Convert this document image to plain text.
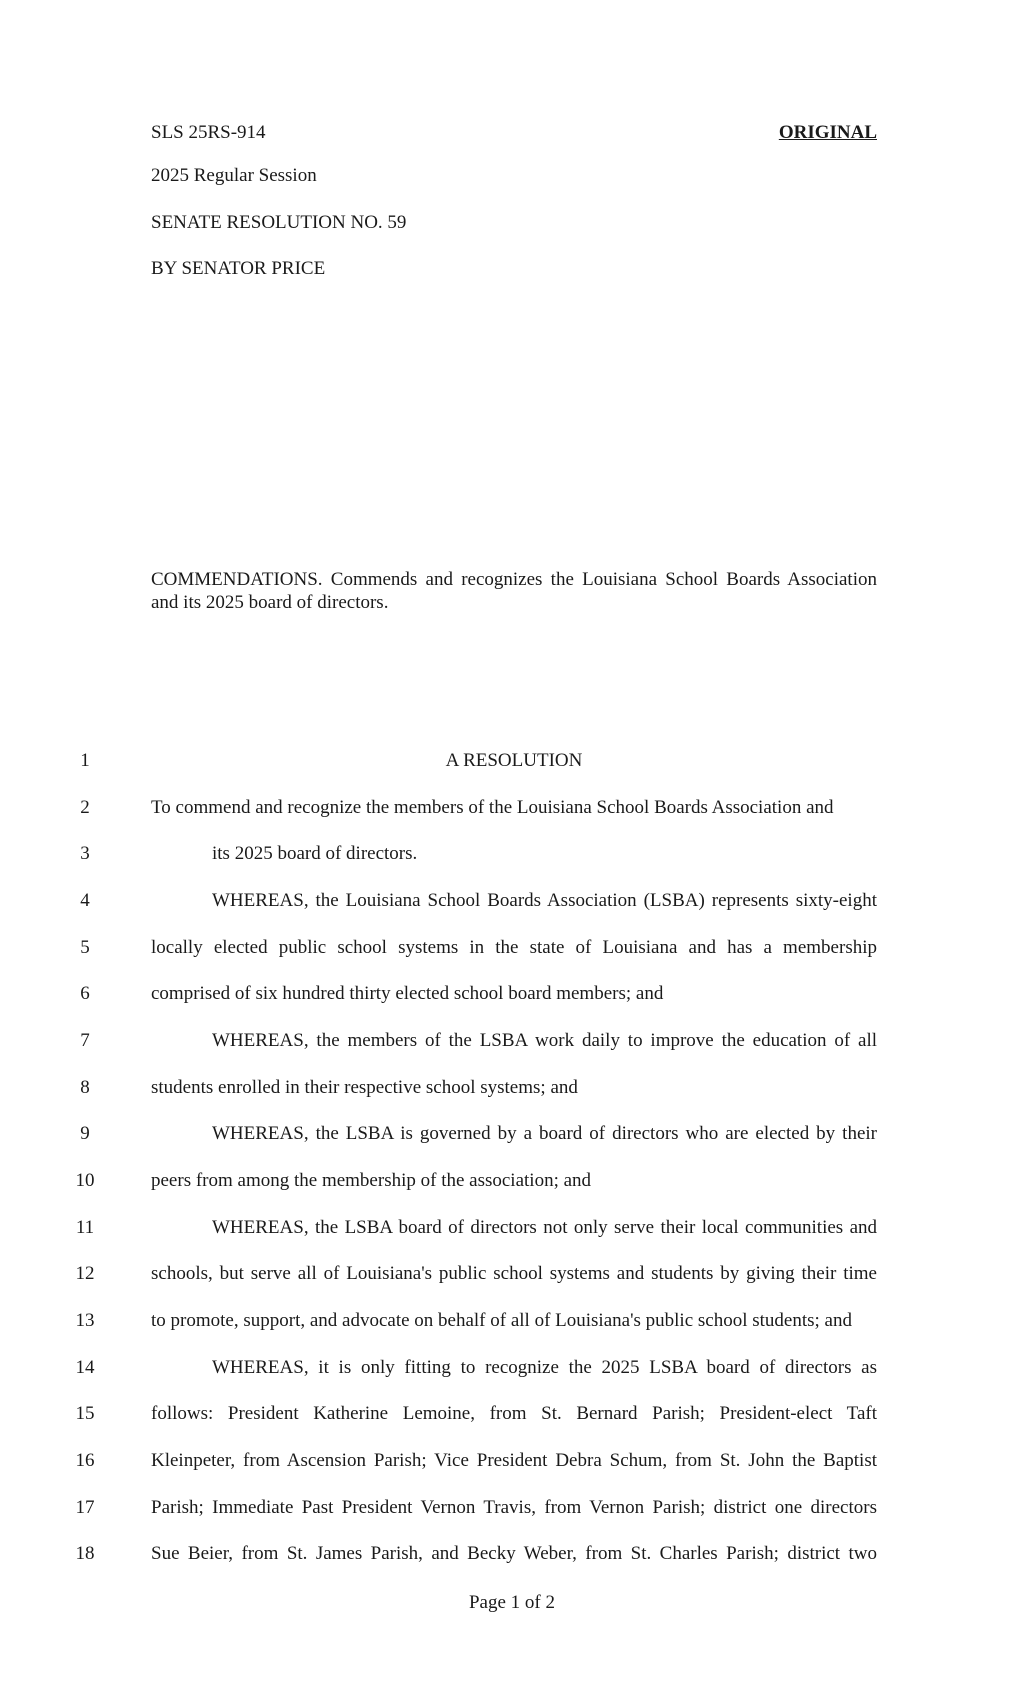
SLS 25RS-914	ORIGINAL
2025 Regular Session
SENATE RESOLUTION NO. 59
BY SENATOR PRICE
COMMENDATIONS. Commends and recognizes the Louisiana School Boards Association and its 2025 board of directors.
1	A RESOLUTION
2	To commend and recognize the members of the Louisiana School Boards Association and
3	its 2025 board of directors.
4	WHEREAS, the Louisiana School Boards Association (LSBA) represents sixty-eight
5	locally elected public school systems in the state of Louisiana and has a membership
6	comprised of six hundred thirty elected school board members; and
7	WHEREAS, the members of the LSBA work daily to improve the education of all
8	students enrolled in their respective school systems; and
9	WHEREAS, the LSBA is governed by a board of directors who are elected by their
10	peers from among the membership of the association; and
11	WHEREAS, the LSBA board of directors not only serve their local communities and
12	schools, but serve all of Louisiana's public school systems and students by giving their time
13	to promote, support, and advocate on behalf of all of Louisiana's public school students; and
14	WHEREAS, it is only fitting to recognize the 2025 LSBA board of directors as
15	follows: President Katherine Lemoine, from St. Bernard Parish; President-elect Taft
16	Kleinpeter, from Ascension Parish; Vice President Debra Schum, from St. John the Baptist
17	Parish; Immediate Past President Vernon Travis, from Vernon Parish; district one directors
18	Sue Beier, from St. James Parish, and Becky Weber, from St. Charles Parish; district two
Page 1 of 2
